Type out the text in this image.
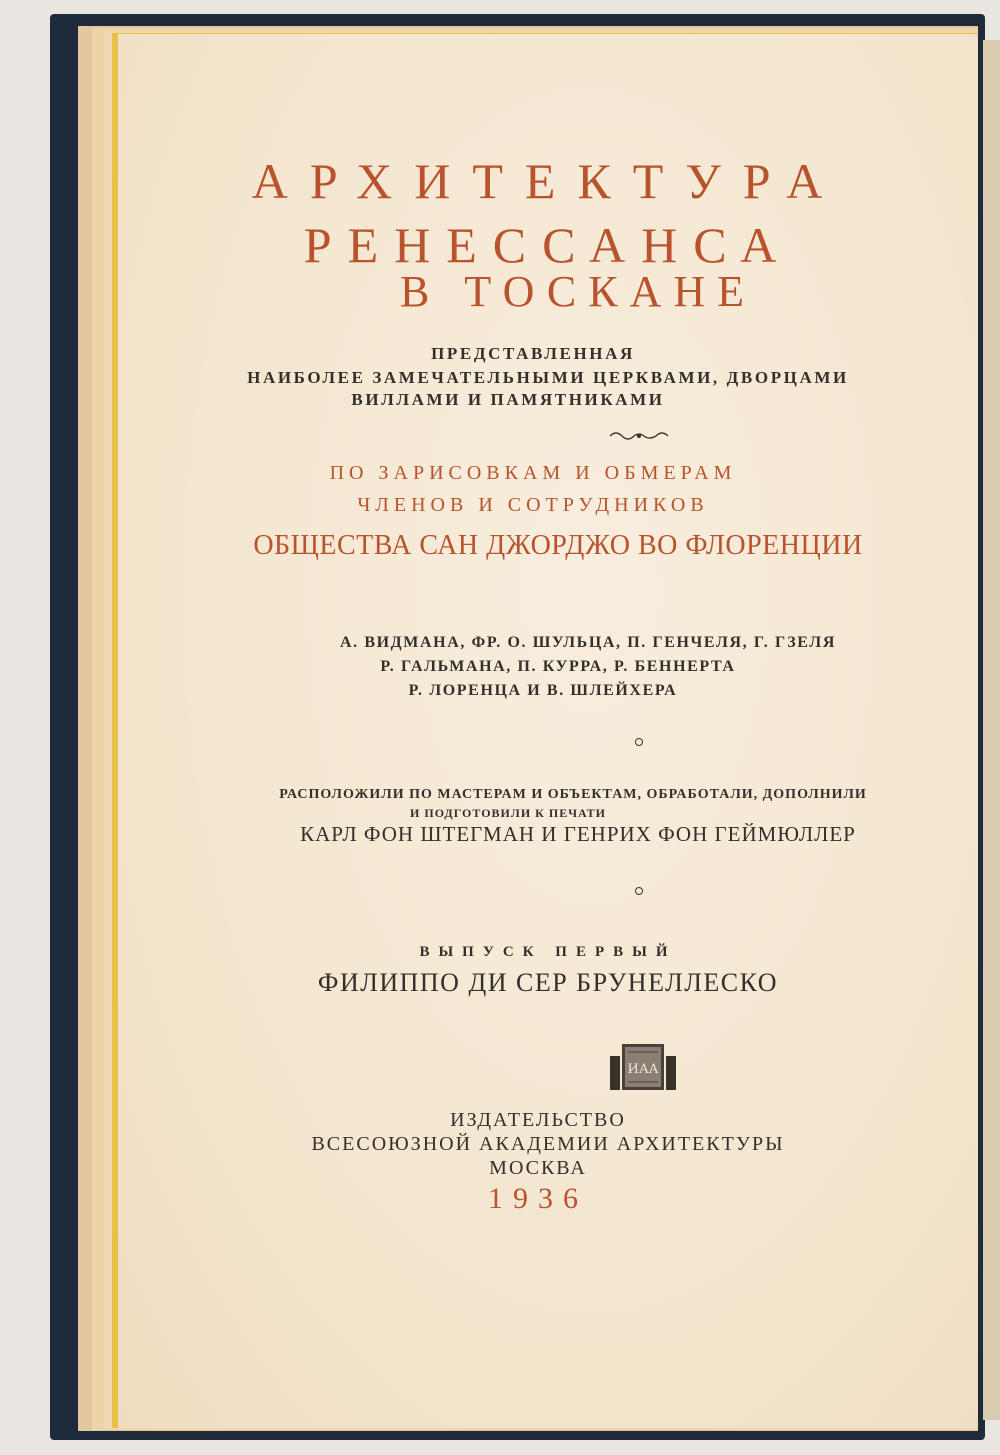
АРХИТЕКТУРА

РЕНЕССАНСА

В ТОСКАНЕ

ПРЕДСТАВЛЕННАЯ

НАИБОЛЕЕ ЗАМЕЧАТЕЛЬНЫМИ ЦЕРКВАМИ, ДВОРЦАМИ

ВИЛЛАМИ И ПАМЯТНИКАМИ

ПО ЗАРИСОВКАМ И ОБМЕРАМ

ЧЛЕНОВ И СОТРУДНИКОВ

ОБЩЕСТВА САН ДЖОРДЖО ВО ФЛОРЕНЦИИ

А. ВИДМАНА, ФР. О. ШУЛЬЦА, П. ГЕНЧЕЛЯ, Г. ГЗЕЛЯ

Р. ГАЛЬМАНА, П. КУРРА, Р. БЕННЕРТА

Р. ЛОРЕНЦА И В. ШЛЕЙХЕРА

РАСПОЛОЖИЛИ ПО МАСТЕРАМ И ОБЪЕКТАМ, ОБРАБОТАЛИ, ДОПОЛНИЛИ

И ПОДГОТОВИЛИ К ПЕЧАТИ

КАРЛ ФОН ШТЕГМАН И ГЕНРИХ ФОН ГЕЙМЮЛЛЕР

ВЫПУСК ПЕРВЫЙ

ФИЛИППО ДИ СЕР БРУНЕЛЛЕСКО

ИАА

ИЗДАТЕЛЬСТВО

ВСЕСОЮЗНОЙ АКАДЕМИИ АРХИТЕКТУРЫ

МОСКВА

1936
